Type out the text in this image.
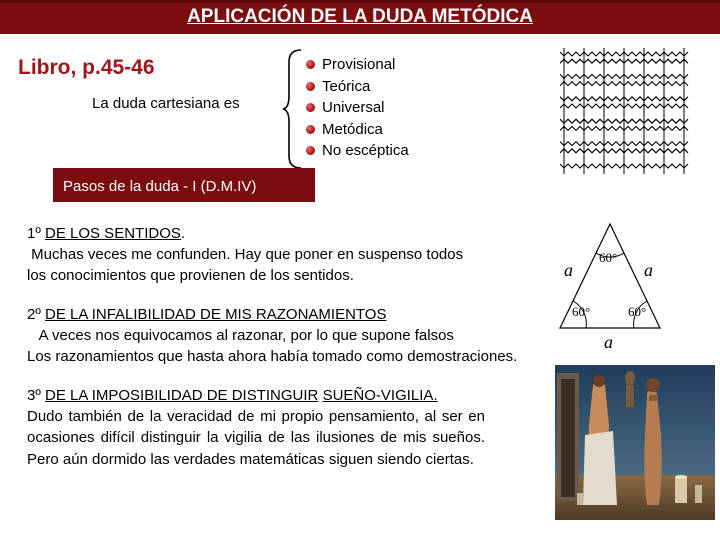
APLICACIÓN DE LA DUDA METÓDICA
Libro, p.45-46
La duda cartesiana es
Provisional
Teórica
Universal
Metódica
No escéptica
Pasos de la duda - I (D.M.IV)
1º DE LOS SENTIDOS.
Muchas veces me confunden. Hay que poner en suspenso todos
los conocimientos que provienen de los sentidos.
2º DE LA INFALIBILIDAD DE MIS RAZONAMIENTOS
A veces nos equivocamos al razonar, por lo que supone falsos
Los razonamientos que hasta ahora había tomado como demostraciones.
3º DE LA IMPOSIBILIDAD DE DISTINGUIR SUEÑO-VIGILIA.
Dudo también de la veracidad de mi propio pensamiento, al ser en ocasiones difícil distinguir la vigilia de las ilusiones de mis sueños. Pero aún dormido las verdades matemáticas siguen siendo ciertas.
60°
60°	60°
a	a
a
